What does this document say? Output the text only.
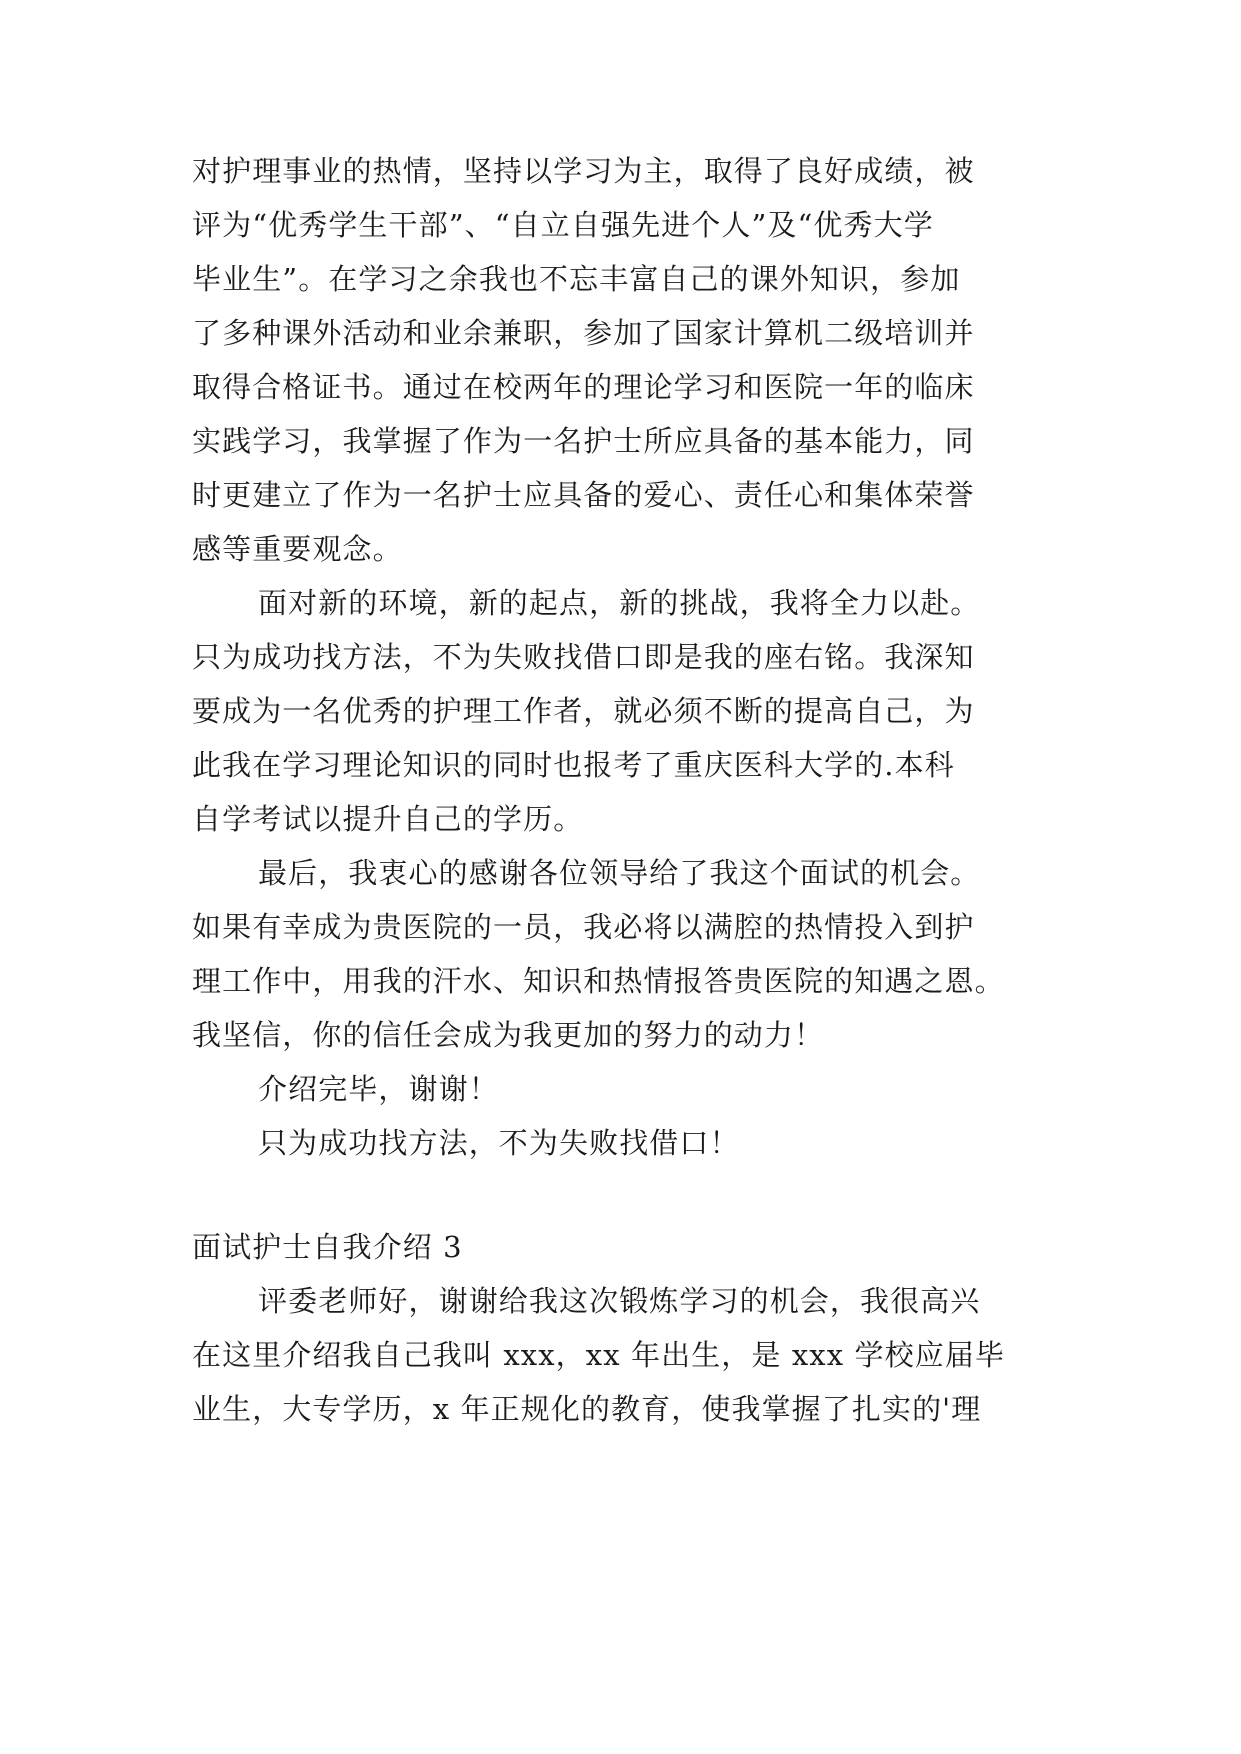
对护理事业的热情，坚持以学习为主，取得了良好成绩，被
评为“优秀学生干部”、“自立自强先进个人”及“优秀大学
毕业生”。在学习之余我也不忘丰富自己的课外知识，参加
了多种课外活动和业余兼职，参加了国家计算机二级培训并
取得合格证书。通过在校两年的理论学习和医院一年的临床
实践学习，我掌握了作为一名护士所应具备的基本能力，同
时更建立了作为一名护士应具备的爱心、责任心和集体荣誉
感等重要观念。
面对新的环境，新的起点，新的挑战，我将全力以赴。
只为成功找方法，不为失败找借口即是我的座右铭。我深知
要成为一名优秀的护理工作者，就必须不断的提高自己，为
此我在学习理论知识的同时也报考了重庆医科大学的.本科
自学考试以提升自己的学历。
最后，我衷心的感谢各位领导给了我这个面试的机会。
如果有幸成为贵医院的一员，我必将以满腔的热情投入到护
理工作中，用我的汗水、知识和热情报答贵医院的知遇之恩。
我坚信，你的信任会成为我更加的努力的动力！
介绍完毕，谢谢！
只为成功找方法，不为失败找借口！
面试护士自我介绍 3
评委老师好，谢谢给我这次锻炼学习的机会，我很高兴
在这里介绍我自己我叫 xxx，xx 年出生，是 xxx 学校应届毕
业生，大专学历，x 年正规化的教育，使我掌握了扎实的'理
